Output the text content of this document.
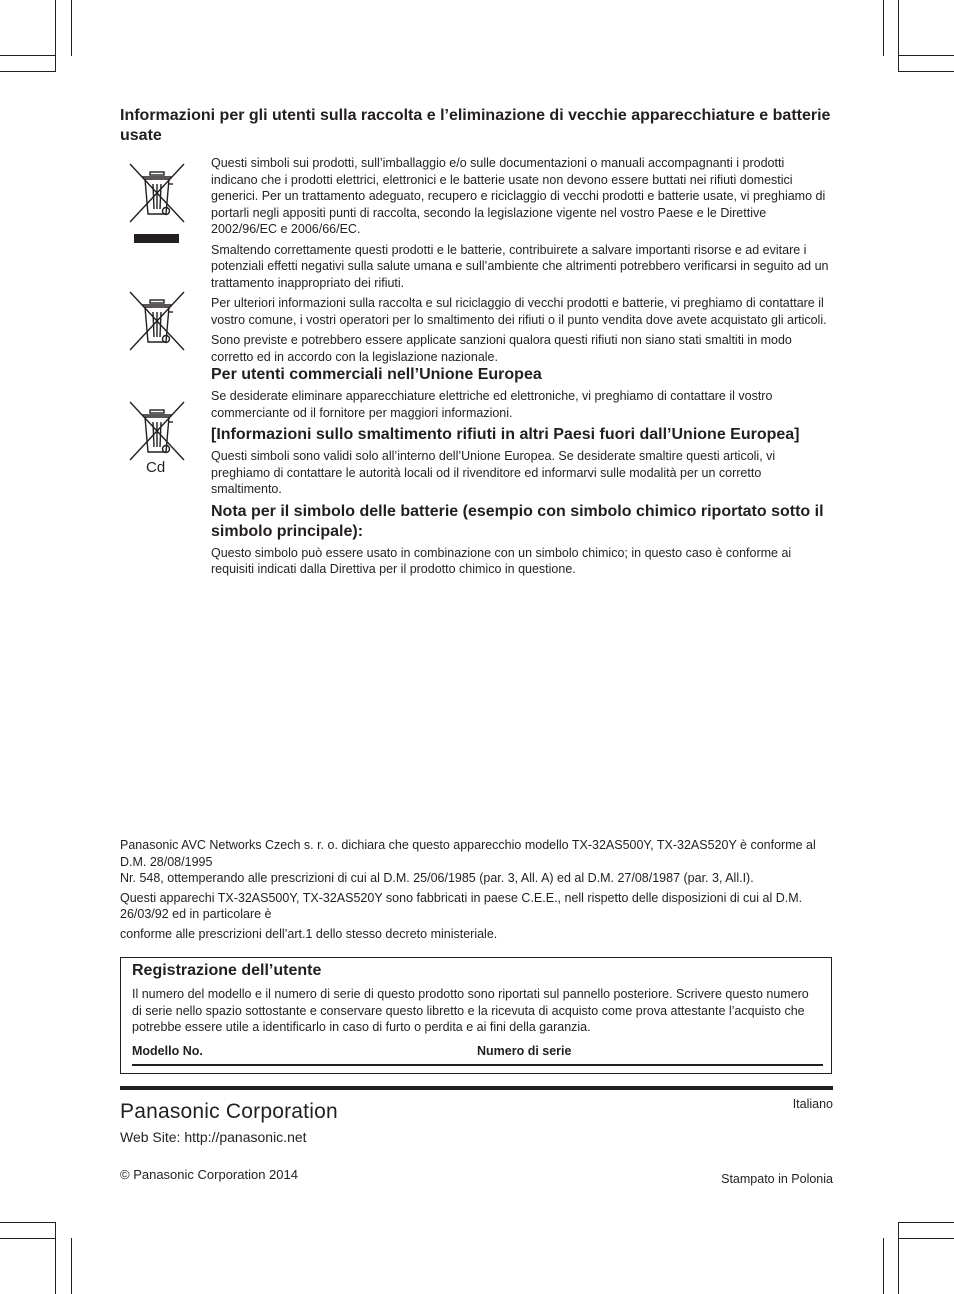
Informazioni per gli utenti sulla raccolta e l’eliminazione di vecchie apparecchiature e batterie usate
Cd

Questi simboli sui prodotti, sull’imballaggio e/o sulle documentazioni o manuali accompagnanti i prodotti indicano che i prodotti elettrici, elettronici e le batterie usate non devono essere buttati nei rifiuti domestici generici. Per un trattamento adeguato, recupero e riciclaggio di vecchi prodotti e batterie usate, vi preghiamo di portarli negli appositi punti di raccolta, secondo la legislazione vigente nel vostro Paese e le Direttive 2002/96/EC e 2006/66/EC.

Smaltendo correttamente questi prodotti e le batterie, contribuirete a salvare importanti risorse e ad evitare i potenziali effetti negativi sulla salute umana e sull’ambiente che altrimenti potrebbero verificarsi in seguito ad un trattamento inappropriato dei rifiuti.

Per ulteriori informazioni sulla raccolta e sul riciclaggio di vecchi prodotti e batterie, vi preghiamo di contattare il vostro comune, i vostri operatori per lo smaltimento dei rifiuti o il punto vendita dove avete acquistato gli articoli.

Sono previste e potrebbero essere applicate sanzioni qualora questi rifiuti non siano stati smaltiti in modo corretto ed in accordo con la legislazione nazionale.

Per utenti commerciali nell’Unione Europea

Se desiderate eliminare apparecchiature elettriche ed elettroniche, vi preghiamo di contattare il vostro commerciante od il fornitore per maggiori informazioni.

[Informazioni sullo smaltimento rifiuti in altri Paesi fuori dall’Unione Europea]

Questi simboli sono validi solo all’interno dell’Unione Europea. Se desiderate smaltire questi articoli, vi preghiamo di contattare le autorità locali od il rivenditore ed informarvi sulle modalità per un corretto smaltimento.

Nota per il simbolo delle batterie (esempio con simbolo chimico riportato sotto il simbolo principale):

Questo simbolo può essere usato in combinazione con un simbolo chimico; in questo caso è conforme ai requisiti indicati dalla Direttiva per il prodotto chimico in questione.

Panasonic AVC Networks Czech s. r. o. dichiara che questo apparecchio modello TX-32AS500Y, TX-32AS520Y è conforme al D.M. 28/08/1995

Nr. 548, ottemperando alle prescrizioni di cui al D.M. 25/06/1985 (par. 3, All. A) ed al D.M. 27/08/1987 (par. 3, All.I).

Questi apparechi TX-32AS500Y, TX-32AS520Y sono fabbricati in paese C.E.E., nell rispetto delle disposizioni di cui al D.M. 26/03/92 ed in particolare è

conforme alle prescrizioni dell’art.1 dello stesso decreto ministeriale.

Registrazione dell’utente
Il numero del modello e il numero di serie di questo prodotto sono riportati sul pannello posteriore. Scrivere questo numero di serie nello spazio sottostante e conservare questo libretto e la ricevuta di acquisto come prova attestante l’acquisto che potrebbe essere utile a identificarlo in caso di furto o perdita e ai fini della garanzia.
Modello No.	Numero di serie
Italiano
Panasonic Corporation
Web Site: http://panasonic.net
© Panasonic Corporation 2014	Stampato in Polonia
